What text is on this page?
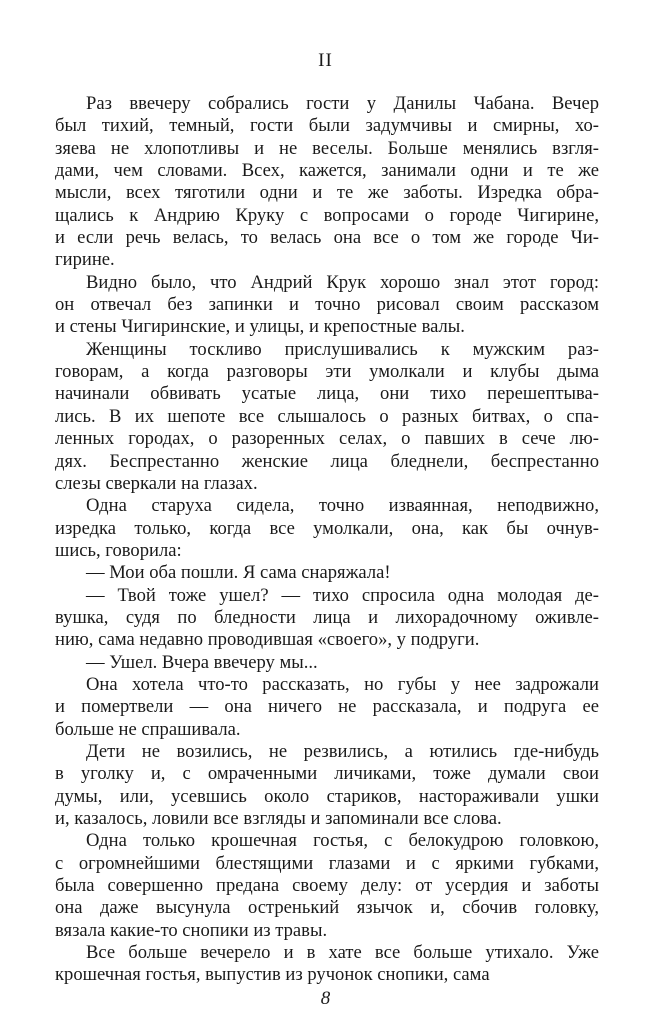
II
Раз ввечеру собрались гости у Данилы Чабана. Вечер
был тихий, темный, гости были задумчивы и смирны, хо-
зяева не хлопотливы и не веселы. Больше менялись взгля-
дами, чем словами. Всех, кажется, занимали одни и те же
мысли, всех тяготили одни и те же заботы. Изредка обра-
щались к Андрию Круку с вопросами о городе Чигирине,
и если речь велась, то велась она все о том же городе Чи-
гирине.
Видно было, что Андрий Крук хорошо знал этот город:
он отвечал без запинки и точно рисовал своим рассказом
и стены Чигиринские, и улицы, и крепостные валы.
Женщины тоскливо прислушивались к мужским раз-
говорам, а когда разговоры эти умолкали и клубы дыма
начинали обвивать усатые лица, они тихо перешептыва-
лись. В их шепоте все слышалось о разных битвах, о спа-
ленных городах, о разоренных селах, о павших в сече лю-
дях. Беспрестанно женские лица бледнели, беспрестанно
слезы сверкали на глазах.
Одна старуха сидела, точно изваянная, неподвижно,
изредка только, когда все умолкали, она, как бы очнув-
шись, говорила:
— Мои оба пошли. Я сама снаряжала!
— Твой тоже ушел? — тихо спросила одна молодая де-
вушка, судя по бледности лица и лихорадочному оживле-
нию, сама недавно проводившая «своего», у подруги.
— Ушел. Вчера ввечеру мы...
Она хотела что-то рассказать, но губы у нее задрожали
и помертвели — она ничего не рассказала, и подруга ее
больше не спрашивала.
Дети не возились, не резвились, а ютились где-нибудь
в уголку и, с омраченными личиками, тоже думали свои
думы, или, усевшись около стариков, настораживали ушки
и, казалось, ловили все взгляды и запоминали все слова.
Одна только крошечная гостья, с белокудрою головкою,
с огромнейшими блестящими глазами и с яркими губками,
была совершенно предана своему делу: от усердия и заботы
она даже высунула остренький язычок и, сбочив головку,
вязала какие-то снопики из травы.
Все больше вечерело и в хате все больше утихало. Уже
крошечная гостья, выпустив из ручонок снопики, сама
8
